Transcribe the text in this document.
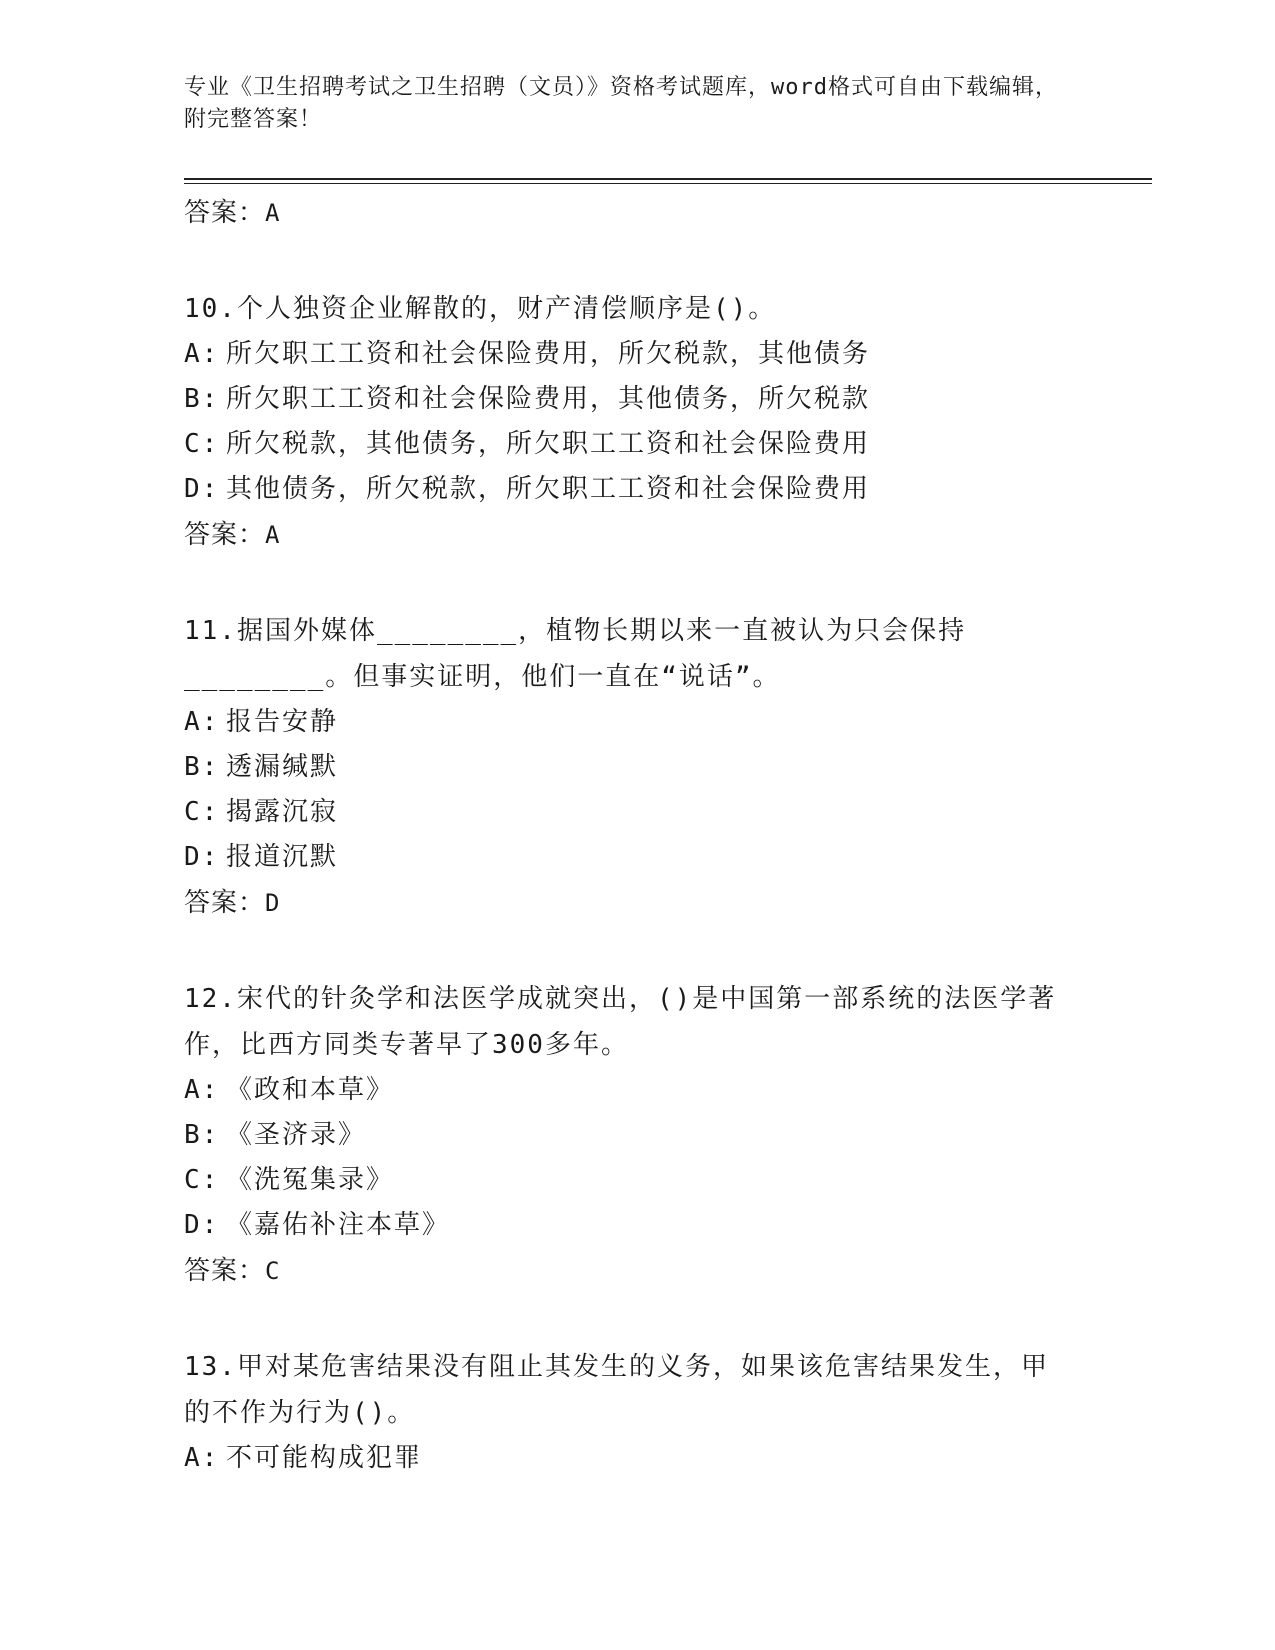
专业《卫生招聘考试之卫生招聘（文员）》资格考试题库，word格式可自由下载编辑，附完整答案！
答案：A
10.个人独资企业解散的，财产清偿顺序是()。
A: 所欠职工工资和社会保险费用，所欠税款，其他债务
B: 所欠职工工资和社会保险费用，其他债务，所欠税款
C: 所欠税款，其他债务，所欠职工工资和社会保险费用
D: 其他债务，所欠税款，所欠职工工资和社会保险费用
答案：A
11.据国外媒体________，植物长期以来一直被认为只会保持________。但事实证明，他们一直在“说话”。
A: 报告安静
B: 透漏缄默
C: 揭露沉寂
D: 报道沉默
答案：D
12.宋代的针灸学和法医学成就突出，()是中国第一部系统的法医学著作，比西方同类专著早了300多年。
A: 《政和本草》
B: 《圣济录》
C: 《洗冤集录》
D: 《嘉佑补注本草》
答案：C
13.甲对某危害结果没有阻止其发生的义务，如果该危害结果发生，甲的不作为行为()。
A: 不可能构成犯罪
